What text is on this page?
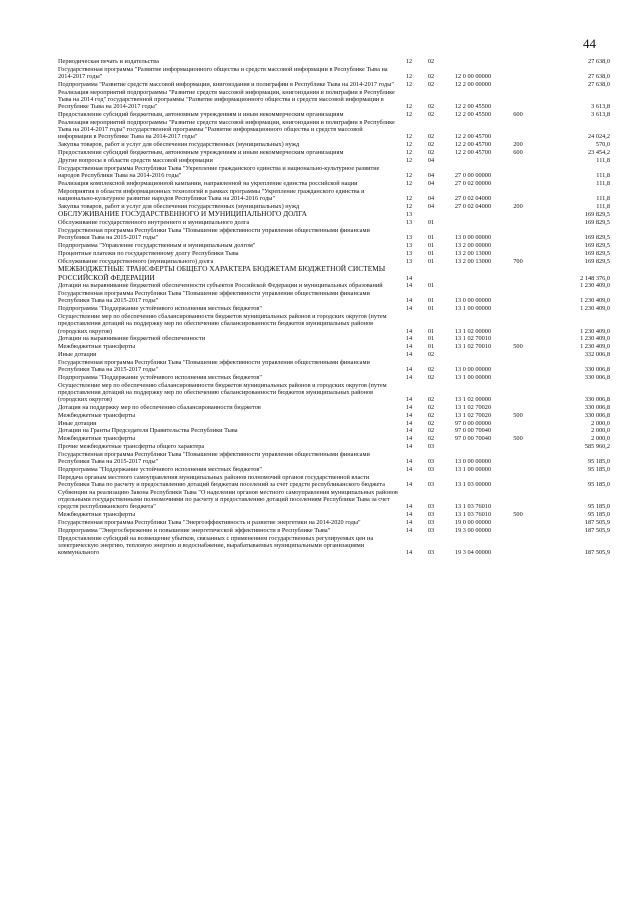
44
Периодическая печать и издательства	12	02			27 638,0
Государственная программа "Развитие информационного общества и средств массовой информации в Республике Тыва на 2014-2017 годы"	12	02	12 0 00 00000		27 638,0
Подпрограмма "Развитие средств массовой информации, книгоиздания и полиграфии в Республике Тыва на 2014-2017 годы"	12	02	12 2 00 00000		27 638,0
Реализация мероприятий подпрограммы "Развитие средств массовой информации, книгоиздания и полиграфии в Республике Тыва на 2014 год" государственной программы "Развитие информационного общества и средств массовой информации в Республике Тыва на 2014-2017 годы"	12	02	12 2 00 45500		3 613,8
Предоставление субсидий бюджетным, автономным учреждениям и иным некоммерческим организациям	12	02	12 2 00 45500	600	3 613,8
Реализация мероприятий подпрограммы "Развитие средств массовой информации, книгоиздания и полиграфии в Республике Тыва на 2014-2017 годы" государственной программы "Развитие информационного общества и средств массовой информации в Республике Тыва на 2014-2017 годы"	12	02	12 2 00 45700		24 024,2
Закупка товаров, работ и услуг для обеспечения государственных (муниципальных) нужд	12	02	12 2 00 45700	200	570,0
Предоставление субсидий бюджетным, автономным учреждениям и иным некоммерческим организациям	12	02	12 2 00 45700	600	23 454,2
Другие вопросы в области средств массовой информации	12	04			111,8
Государственная программа Республики Тыва "Укрепление гражданского единства и национально-культурное развитие народов Республики Тыва на 2014-2016 годы"	12	04	27 0 00 00000		111,8
Реализация комплексной информационной кампании, направленной на укрепление единства российской нации	12	04	27 0 02 00000		111,8
Мероприятия в области информационных технологий в рамках программы "Укрепление гражданского единства и национально-культурное развитие народов Республики Тыва на 2014-2016 годы"	12	04	27 0 02 04000		111,8
Закупка товаров, работ и услуг для обеспечения государственных (муниципальных) нужд	12	04	27 0 02 04000	200	111,8
ОБСЛУЖИВАНИЕ ГОСУДАРСТВЕННОГО И МУНИЦИПАЛЬНОГО ДОЛГА	13				169 829,5
Обслуживание государственного внутреннего и муниципального долга	13	01			169 829,5
Государственная программа Республики Тыва "Повышение эффективности управления общественными финансами Республики Тыва на 2015-2017 годы"	13	01	13 0 00 00000		169 829,5
Подпрограмма "Управление государственным и муниципальным долгом"	13	01	13 2 00 00000		169 829,5
Процентные платежи по государственному долгу Республики Тыва	13	01	13 2 00 13000		169 829,5
Обслуживание государственного (муниципального) долга	13	01	13 2 00 13000	700	169 829,5
МЕЖБЮДЖЕТНЫЕ ТРАНСФЕРТЫ ОБЩЕГО ХАРАКТЕРА БЮДЖЕТАМ БЮДЖЕТНОЙ СИСТЕМЫ РОССИЙСКОЙ ФЕДЕРАЦИИ	14				2 148 376,0
Дотации на выравнивание бюджетной обеспеченности субъектов Российской Федерации и муниципальных образований	14	01			1 230 409,0
Государственная программа Республики Тыва "Повышение эффективности управления общественными финансами Республики Тыва на 2015-2017 годы"	14	01	13 0 00 00000		1 230 409,0
Подпрограмма "Поддержание устойчивого исполнения местных бюджетов"	14	01	13 1 00 00000		1 230 409,0
Осуществление мер по обеспечению сбалансированности бюджетов муниципальных районов и городских округов (путем предоставления дотаций на поддержку мер по обеспечению сбалансированности бюджетов муниципальных районов (городских округов)	14	01	13 1 02 00000		1 230 409,0
Дотации на выравнивание бюджетной обеспеченности	14	01	13 1 02 70010		1 230 409,0
Межбюджетные трансферты	14	01	13 1 02 70010	500	1 230 409,0
Иные дотации	14	02			332 006,8
Государственная программа Республики Тыва "Повышение эффективности управления общественными финансами Республики Тыва на 2015-2017 годы"	14	02	13 0 00 00000		330 006,8
Подпрограмма "Поддержание устойчивого исполнения местных бюджетов"	14	02	13 1 00 00000		330 006,8
Осуществление мер по обеспечению сбалансированности бюджетов муниципальных районов и городских округов (путем предоставления дотаций на поддержку мер по обеспечению сбалансированности бюджетов муниципальных районов (городских округов)	14	02	13 1 02 00000		330 006,8
Дотация на поддержку мер по обеспечению сбалансированности бюджетов	14	02	13 1 02 70020		330 006,8
Межбюджетные трансферты	14	02	13 1 02 70020	500	330 006,8
Иные дотации	14	02	97 0 00 00000		2 000,0
Дотации на Гранты Председателя Правительства Республики Тыва	14	02	97 0 00 70040		2 000,0
Межбюджетные трансферты	14	02	97 0 00 70040	500	2 000,0
Прочие межбюджетные трансферты общего характера	14	03			585 960,2
Государственная программа Республики Тыва "Повышение эффективности управления общественными финансами Республики Тыва на 2015-2017 годы"	14	03	13 0 00 00000		95 185,0
Подпрограмма "Поддержание устойчивого исполнения местных бюджетов"	14	03	13 1 00 00000		95 185,0
Передача органам местного самоуправления муниципальных районов полномочий органов государственной власти Республики Тыва по расчету и предоставлению дотаций бюджетам поселений за счет средств республиканского бюджета	14	03	13 1 03 00000		95 185,0
Субвенции на реализацию Закона Республики Тыва "О наделении органов местного самоуправления муниципальных районов отдельными государственными полномочиями по расчету и предоставлению дотаций поселениям Республики Тыва за счет средств республиканского бюджета"	14	03	13 1 03 76010		95 185,0
Межбюджетные трансферты	14	03	13 1 03 76010	500	95 185,0
Государственная программа Республики Тыва "Энергоэффективность и развитие энергетики на 2014-2020 годы"	14	03	19 0 00 00000		187 505,9
Подпрограмма "Энергосбережение и повышение энергетической эффективности в Республике Тыва"	14	03	19 3 00 00000		187 505,9
Предоставление субсидий на возмещение убытков, связанных с применением государственных регулируемых цен на электрическую энергию, тепловую энергию и водоснабжение, вырабатываемых муниципальными организациями коммунального	14	03	19 3 04 00000		187 505,9
